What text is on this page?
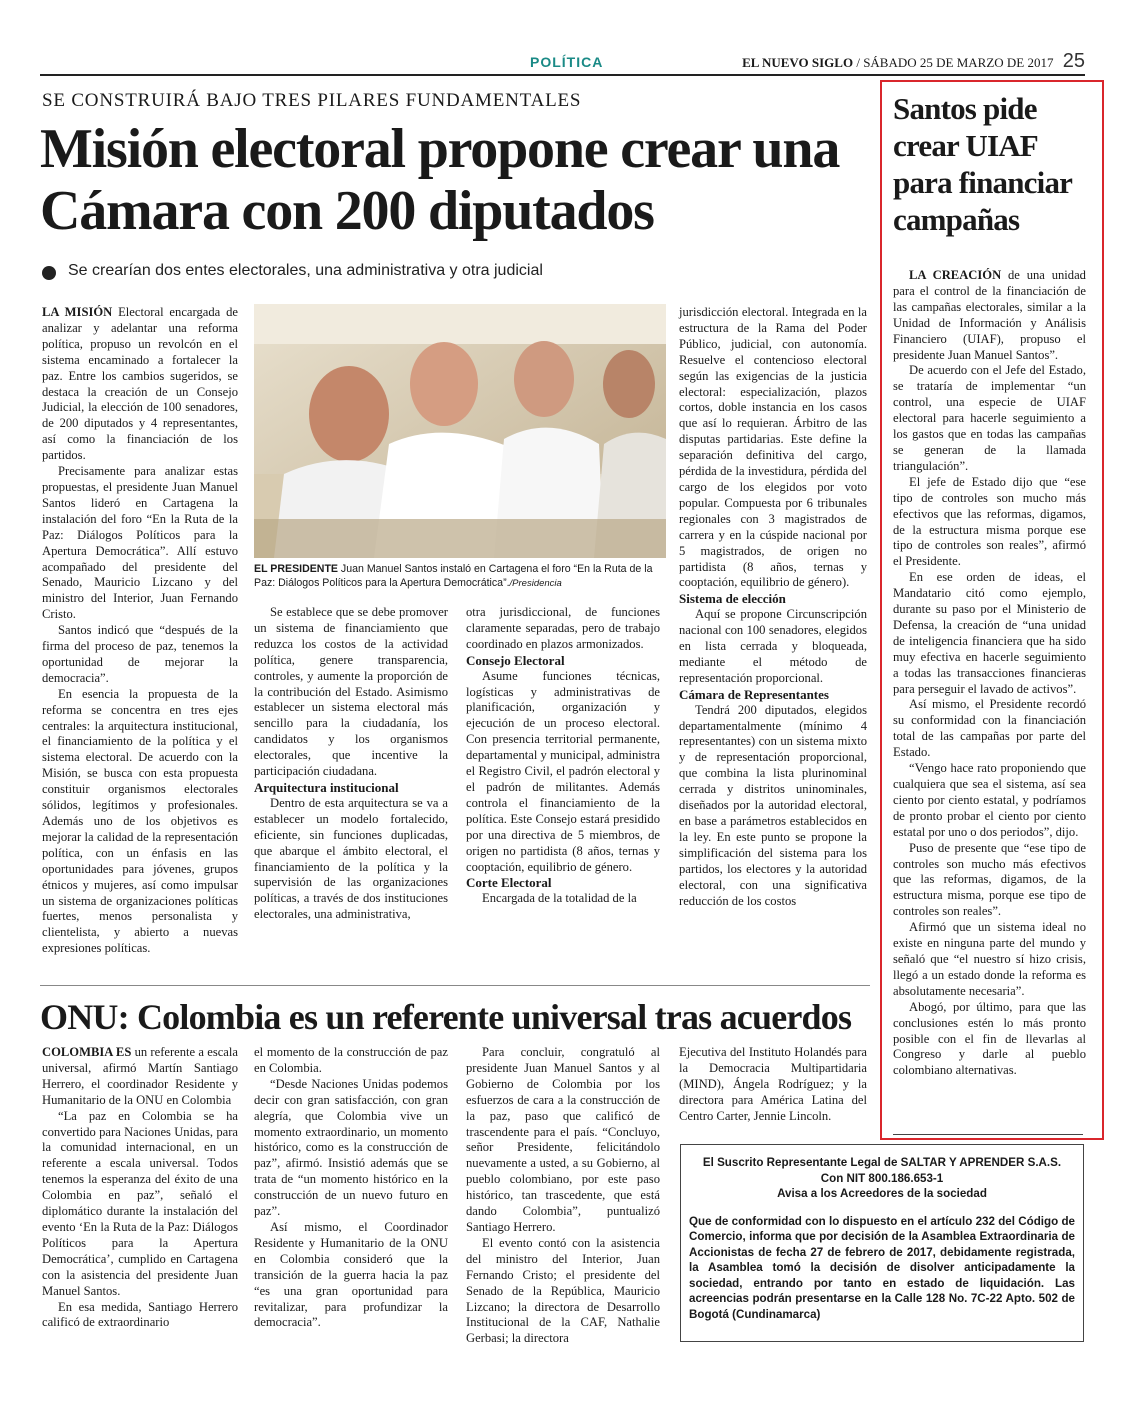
POLÍTICA	EL NUEVO SIGLO / SÁBADO 25 DE MARZO DE 2017 25
SE CONSTRUIRÁ BAJO TRES PILARES FUNDAMENTALES
Misión electoral propone crear una Cámara con 200 diputados
Se crearían dos entes electorales, una administrativa y otra judicial

LA MISIÓN Electoral encargada de analizar y adelantar una reforma política, propuso un revolcón en el sistema encaminado a fortalecer la paz. Entre los cambios sugeridos, se destaca la creación de un Consejo Judicial, la elección de 100 senadores, de 200 diputados y 4 representantes, así como la financiación de los partidos.

Precisamente para analizar estas propuestas, el presidente Juan Manuel Santos lideró en Cartagena la instalación del foro “En la Ruta de la Paz: Diálogos Políticos para la Apertura Democrática”. Allí estuvo acompañado del presidente del Senado, Mauricio Lizcano y del ministro del Interior, Juan Fernando Cristo.

Santos indicó que “después de la firma del proceso de paz, tenemos la oportunidad de mejorar la democracia”.

En esencia la propuesta de la reforma se concentra en tres ejes centrales: la arquitectura institucional, el financiamiento de la política y el sistema electoral. De acuerdo con la Misión, se busca con esta propuesta constituir organismos electorales sólidos, legítimos y profesionales. Además uno de los objetivos es mejorar la calidad de la representación política, con un énfasis en las oportunidades para jóvenes, grupos étnicos y mujeres, así como impulsar un sistema de organizaciones políticas fuertes, menos personalista y clientelista, y abierto a nuevas expresiones políticas.

EL PRESIDENTE Juan Manuel Santos instaló en Cartagena el foro “En la Ruta de la Paz: Diálogos Políticos para la Apertura Democrática”./Presidencia

Se establece que se debe promover un sistema de financiamiento que reduzca los costos de la actividad política, genere transparencia, controles, y aumente la proporción de la contribución del Estado. Asimismo establecer un sistema electoral más sencillo para la ciudadanía, los candidatos y los organismos electorales, que incentive la participación ciudadana.

Arquitectura institucional

Dentro de esta arquitectura se va a establecer un modelo fortalecido, eficiente, sin funciones duplicadas, que abarque el ámbito electoral, el financiamiento de la política y la supervisión de las organizaciones políticas, a través de dos instituciones electorales, una administrativa,

otra jurisdiccional, de funciones claramente separadas, pero de trabajo coordinado en plazos armonizados.

Consejo Electoral

Asume funciones técnicas, logísticas y administrativas de planificación, organización y ejecución de un proceso electoral. Con presencia territorial permanente, departamental y municipal, administra el Registro Civil, el padrón electoral y el padrón de militantes. Además controla el financiamiento de la política. Este Consejo estará presidido por una directiva de 5 miembros, de origen no partidista (8 años, ternas y cooptación, equilibrio de género.

Corte Electoral

Encargada de la totalidad de la

jurisdicción electoral. Integrada en la estructura de la Rama del Poder Público, judicial, con autonomía. Resuelve el contencioso electoral según las exigencias de la justicia electoral: especialización, plazos cortos, doble instancia en los casos que así lo requieran. Árbitro de las disputas partidarias. Este define la separación definitiva del cargo, pérdida de la investidura, pérdida del cargo de los elegidos por voto popular. Compuesta por 6 tribunales regionales con 3 magistrados de carrera y en la cúspide nacional por 5 magistrados, de origen no partidista (8 años, ternas y cooptación, equilibrio de género).

Sistema de elección

Aquí se propone Circunscripción nacional con 100 senadores, elegidos en lista cerrada y bloqueada, mediante el método de representación proporcional.

Cámara de Representantes

Tendrá 200 diputados, elegidos departamentalmente (mínimo 4 representantes) con un sistema mixto y de representación proporcional, que combina la lista plurinominal cerrada y distritos uninominales, diseñados por la autoridad electoral, en base a parámetros establecidos en la ley. En este punto se propone la simplificación del sistema para los partidos, los electores y la autoridad electoral, con una significativa reducción de los costos

ONU: Colombia es un referente universal tras acuerdos

COLOMBIA ES un referente a escala universal, afirmó Martín Santiago Herrero, el coordinador Residente y Humanitario de la ONU en Colombia

“La paz en Colombia se ha convertido para Naciones Unidas, para la comunidad internacional, en un referente a escala universal. Todos tenemos la esperanza del éxito de una Colombia en paz”, señaló el diplomático durante la instalación del evento ‘En la Ruta de la Paz: Diálogos Políticos para la Apertura Democrática’, cumplido en Cartagena con la asistencia del presidente Juan Manuel Santos.

En esa medida, Santiago Herrero calificó de extraordinario

el momento de la construcción de paz en Colombia.

“Desde Naciones Unidas podemos decir con gran satisfacción, con gran alegría, que Colombia vive un momento extraordinario, un momento histórico, como es la construcción de paz”, afirmó. Insistió además que se trata de “un momento histórico en la construcción de un nuevo futuro en paz”.

Así mismo, el Coordinador Residente y Humanitario de la ONU en Colombia consideró que la transición de la guerra hacia la paz “es una gran oportunidad para revitalizar, para profundizar la democracia”.

Para concluir, congratuló al presidente Juan Manuel Santos y al Gobierno de Colombia por los esfuerzos de cara a la construcción de la paz, paso que calificó de trascendente para el país. “Concluyo, señor Presidente, felicitándolo nuevamente a usted, a su Gobierno, al pueblo colombiano, por este paso histórico, tan trascedente, que está dando Colombia”, puntualizó Santiago Herrero.

El evento contó con la asistencia del ministro del Interior, Juan Fernando Cristo; el presidente del Senado de la República, Mauricio Lizcano; la directora de Desarrollo Institucional de la CAF, Nathalie Gerbasi; la directora

Ejecutiva del Instituto Holandés para la Democracia Multipartidaria (MIND), Ángela Rodríguez; y la directora para América Latina del Centro Carter, Jennie Lincoln.

Santos pide crear UIAF para financiar campañas

LA CREACIÓN de una unidad para el control de la financiación de las campañas electorales, similar a la Unidad de Información y Análisis Financiero (UIAF), propuso el presidente Juan Manuel Santos”.

De acuerdo con el Jefe del Estado, se trataría de implementar “un control, una especie de UIAF electoral para hacerle seguimiento a los gastos que en todas las campañas se generan de la llamada triangulación”.

El jefe de Estado dijo que “ese tipo de controles son mucho más efectivos que las reformas, digamos, de la estructura misma porque ese tipo de controles son reales”, afirmó el Presidente.

En ese orden de ideas, el Mandatario citó como ejemplo, durante su paso por el Ministerio de Defensa, la creación de “una unidad de inteligencia financiera que ha sido muy efectiva en hacerle seguimiento a todas las transacciones financieras para perseguir el lavado de activos”.

Así mismo, el Presidente recordó su conformidad con la financiación total de las campañas por parte del Estado.

“Vengo hace rato proponiendo que cualquiera que sea el sistema, así sea ciento por ciento estatal, y podríamos de pronto probar el ciento por ciento estatal por uno o dos periodos”, dijo.

Puso de presente que “ese tipo de controles son mucho más efectivos que las reformas, digamos, de la estructura misma, porque ese tipo de controles son reales”.

Afirmó que un sistema ideal no existe en ninguna parte del mundo y señaló que “el nuestro sí hizo crisis, llegó a un estado donde la reforma es absolutamente necesaria”.

Abogó, por último, para que las conclusiones estén lo más pronto posible con el fin de llevarlas al Congreso y darle al pueblo colombiano alternativas.

El Suscrito Representante Legal de SALTAR Y APRENDER S.A.S.
Con NIT 800.186.653-1
Avisa a los Acreedores de la sociedad
Que de conformidad con lo dispuesto en el artículo 232 del Código de Comercio, informa que por decisión de la Asamblea Extraordinaria de Accionistas de fecha 27 de febrero de 2017, debidamente registrada, la Asamblea tomó la decisión de disolver anticipadamente la sociedad, entrando por tanto en estado de liquidación. Las acreencias podrán presentarse en la Calle 128 No. 7C-22 Apto. 502 de Bogotá (Cundinamarca)
